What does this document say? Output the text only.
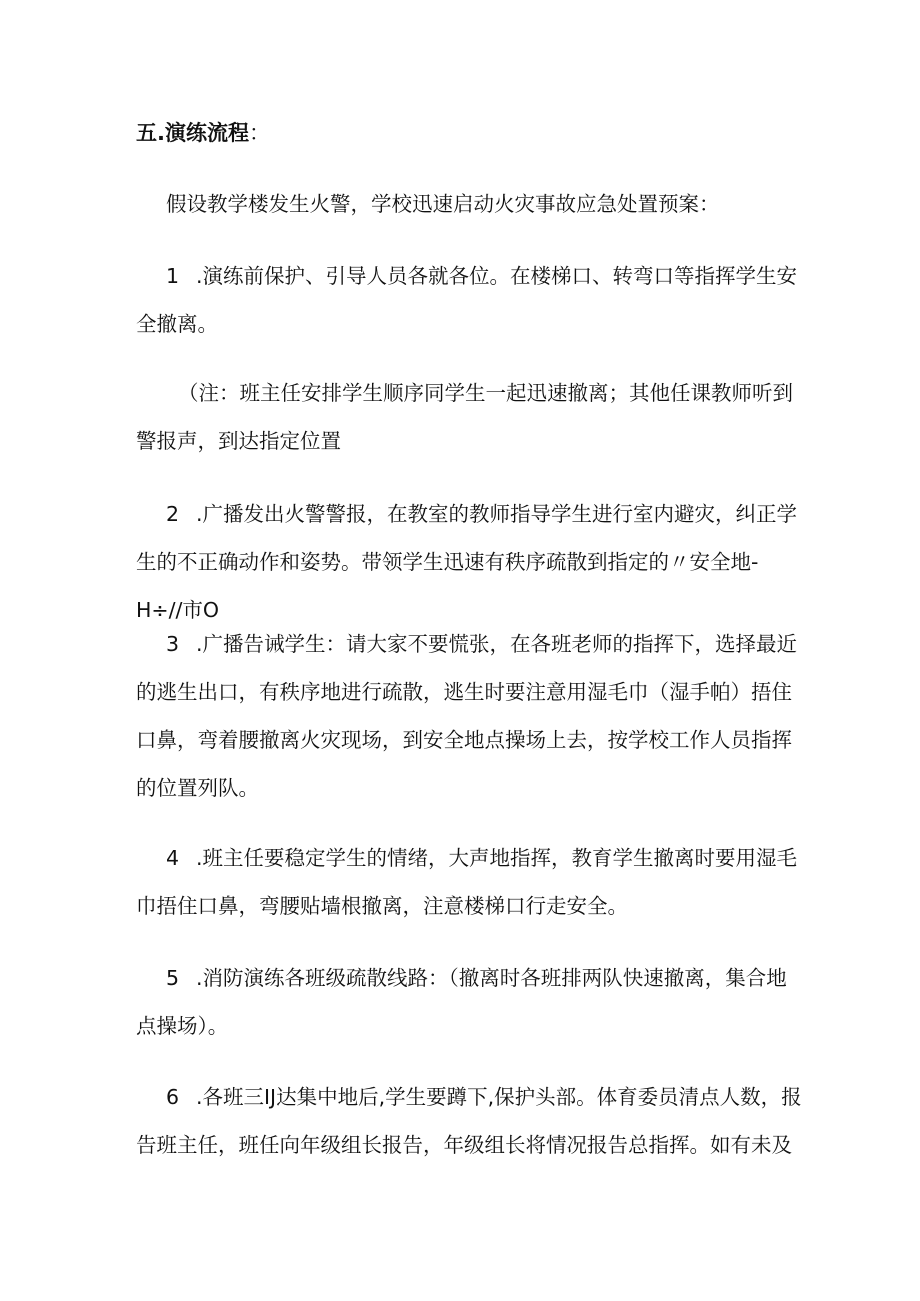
五.演练流程：

假设教学楼发生火警，学校迅速启动火灾事故应急处置预案：

1 .演练前保护、引导人员各就各位。在楼梯口、转弯口等指挥学生安
全撤离。

（注：班主任安排学生顺序同学生一起迅速撤离；其他任课教师听到
警报声，到达指定位置

2 .广播发出火警警报，在教室的教师指导学生进行室内避灾，纠正学
生的不正确动作和姿势。带领学生迅速有秩序疏散到指定的〃安全地-
H÷//市O

3 .广播告诫学生：请大家不要慌张，在各班老师的指挥下，选择最近
的逃生出口，有秩序地进行疏散，逃生时要注意用湿毛巾（湿手帕）捂住
口鼻，弯着腰撤离火灾现场，到安全地点操场上去，按学校工作人员指挥
的位置列队。

4 .班主任要稳定学生的情绪，大声地指挥，教育学生撤离时要用湿毛
巾捂住口鼻，弯腰贴墙根撤离，注意楼梯口行走安全。

5 .消防演练各班级疏散线路：（撤离时各班排两队快速撤离，集合地
点操场）。

6 .各班三IJ达集中地后,学生要蹲下,保护头部。体育委员清点人数，报
告班主任，班任向年级组长报告，年级组长将情况报告总指挥。如有未及
